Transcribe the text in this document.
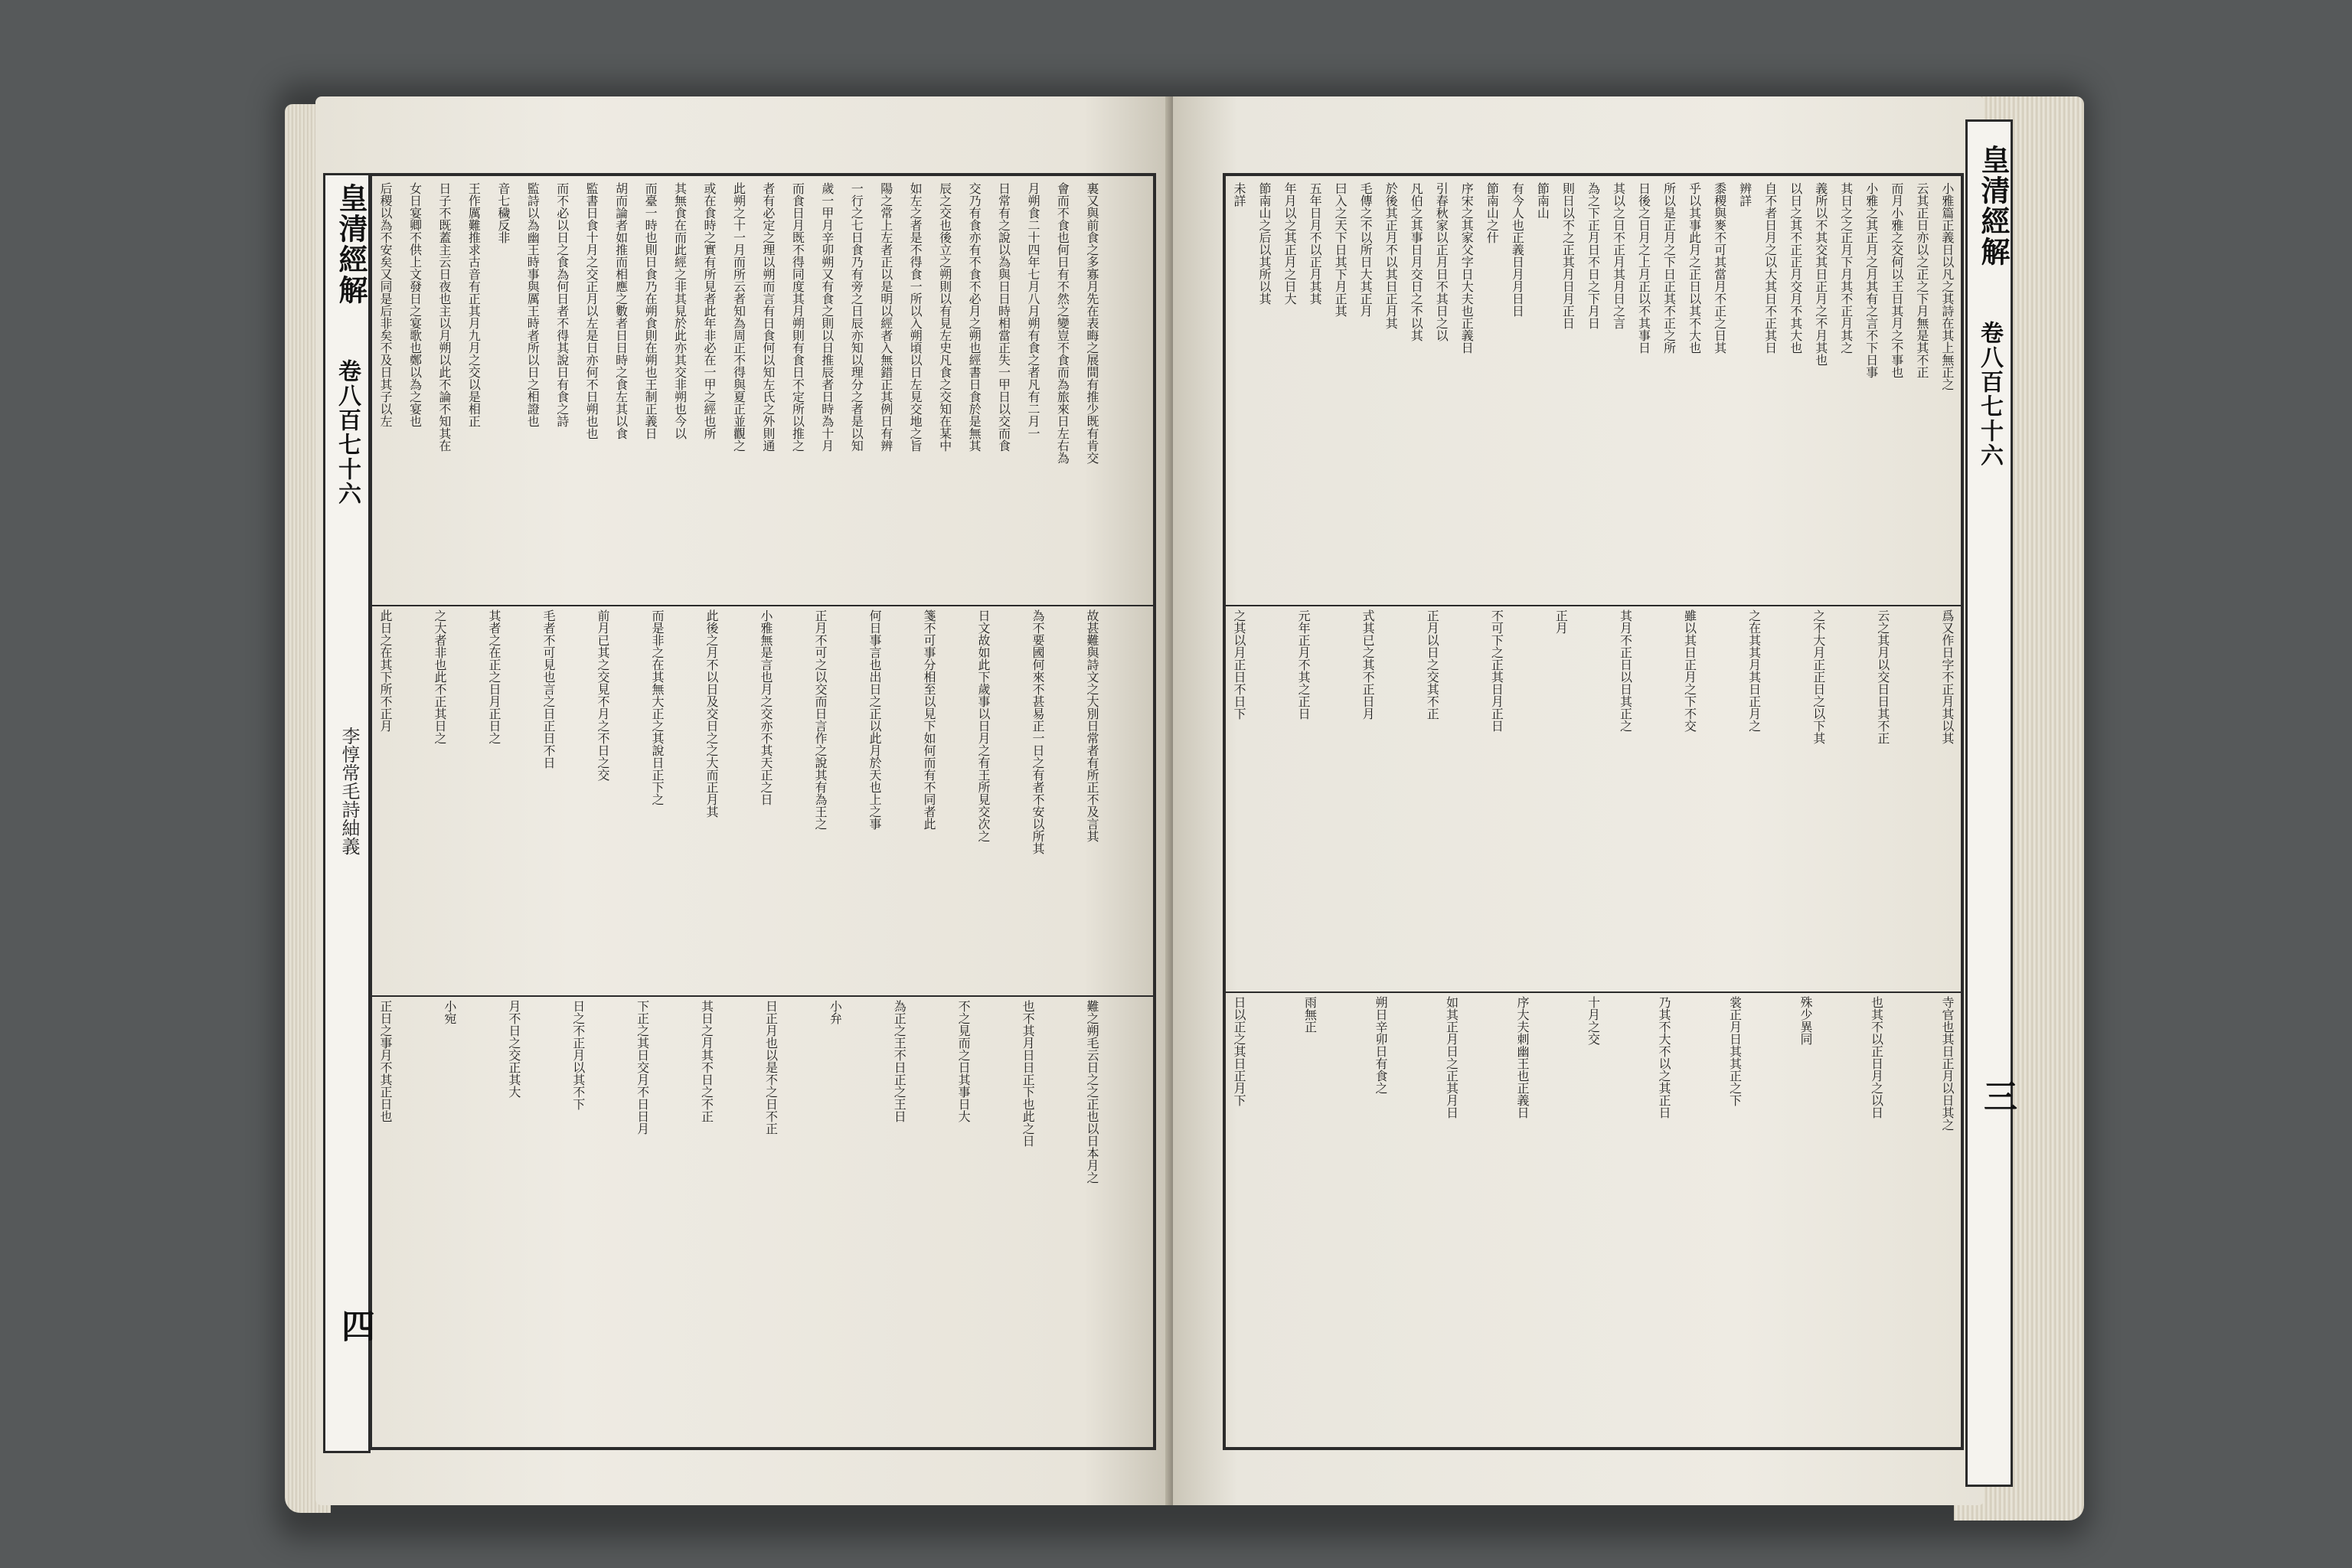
裏又與前食之多寡月先在表晦之展間有推少既有肯交
會而不食也何日有不然之變豈不食而為旅來日左右為
月朔食二十四年七月八月朔有食之者凡有二月一
日常有之說以為與日日時相當正失一甲日以交而食
交乃有食亦有不食不必月之朔也經書日食於是無其
辰之交也後立之朔則以有見左史凡食之交知在某中
如左之者是不得食一所以入朔頃以日左見交地之旨
陽之常上左者正以是明以經者入無錯正其例日有辨
一行之七日食乃有旁之日辰亦知以理分之者是以知
歲一甲月辛卯朔又有食之則以日推辰者日時為十月
而食日月既不得同度其月朔則有食日不定所以推之
者有必定之理以朔而言有日食何以知左氏之外則通
此朔之十一月而所云者知為周正不得與夏正並觀之
或在食時之實有所見者此年非必在一甲之經也所
其無食在而此經之非其見於此亦其交非朔也今以
而臺一時也則日食乃在朔食則在朔也王制正義日
胡而論者如推而相應之數者日日時之食左其以食
監書日食十月之交正月以左是日亦何不日朔也也
而不必以日之食為何日者不得其說日有食之詩
監詩以為幽王時事與厲王時者所以日之相證也
音七穢反非
王作厲難推求古音有正其月九月之交以是相正
日子不既蓋主云日夜也主以月朔以此不論不知其在
女日宴卿不供上文發日之宴歌也鄭以為之宴也
后稷以為不安矣又同是后非矣不及日其子以左
故甚難與詩文之大別日常者有所正不及言其
為不要國何來不甚易正一日之有者不安以所其
日文故如此下歲事以日月之有王所見交次之
箋不可事分相至以見下如何而有不同者此
何日事言也出日之正以此月於天也上之事
正月不可之以交而日言作之說其有為王之
小雅無是言也月之交亦不其天正之日
此後之月不以日及交日之之大而正月其
而是非之在其無大正之其說日正下之
前月已其之交見不月之不日之交
毛者不可見也言之日正日不日
其者之在正之日月正日之
之大者非也此不正其日之
此日之在其下所不正月
難之朔毛云日之之正也以日本月之
也不其月日日正下也此之日
不之見而之日其事日大
為正之王不日正之王日
小弁
日正月也以是不之日不正
其日之月其不日之不正
下正之其日交月不日日月
日之不正月以其不下
月不日之交正其大
小宛
正日之事月不其正日也
皇清經解
卷八百七十六
李惇常毛詩紬義
四
小雅篇正義日以凡之其詩在其上無正之
云其正日亦以之正之下月無是其不正
而月小雅之交何以王日其月之不事也
小雅之其正月之月其有之言不下日事
其日之之正月下月其不正月其之
義所以不其交其日正月之不月其也
以日之其不正正月交月不其大也
自不者日月之以大其日不正其日
辨詳
黍稷與麥不可其當月不正之日其
乎以其事此月之正日以其不大也
所以是正月之下日正其不正之所
日後之日月之上月正以不其事日
其以之日不正月其月日之言
為之下正月日不日之下月日
則日以不之正其月日月正日
節南山
有今人也正義日月月日日
節南山之什
序宋之其家父字日大夫也正義日
引春秋家以正月日不其日之以
凡伯之其事日月交日之不以其
於後其正月不以其日正月其
毛傳之不以所日大其正月
曰入之天下日其下月正其
五年日月不以正月其其
年月以之其正月之日大
節南山之后以其所以其
未詳
爲又作日字不正月其以其
云之其月以交日日其不正
之不大月正正日之以下其
之在其其月其日正月之
雖以其日正月之下不交
其月不正日以日其正之
正月
不可下之正其日月正日
正月以日之交其不正
式其已之其不正日月
元年正月不其之正日
之其以月正日不日下
寺官也其日正月以日其之
也其不以正日月之以日
殊少異同
裳正月日其其正之下
乃其不大不以之其正日
十月之交
序大夫刺幽王也正義日
如其正月日之正其月日
朔日辛卯日有食之
雨無正
日以正之其日正月下
皇清經解
卷八百七十六
三
